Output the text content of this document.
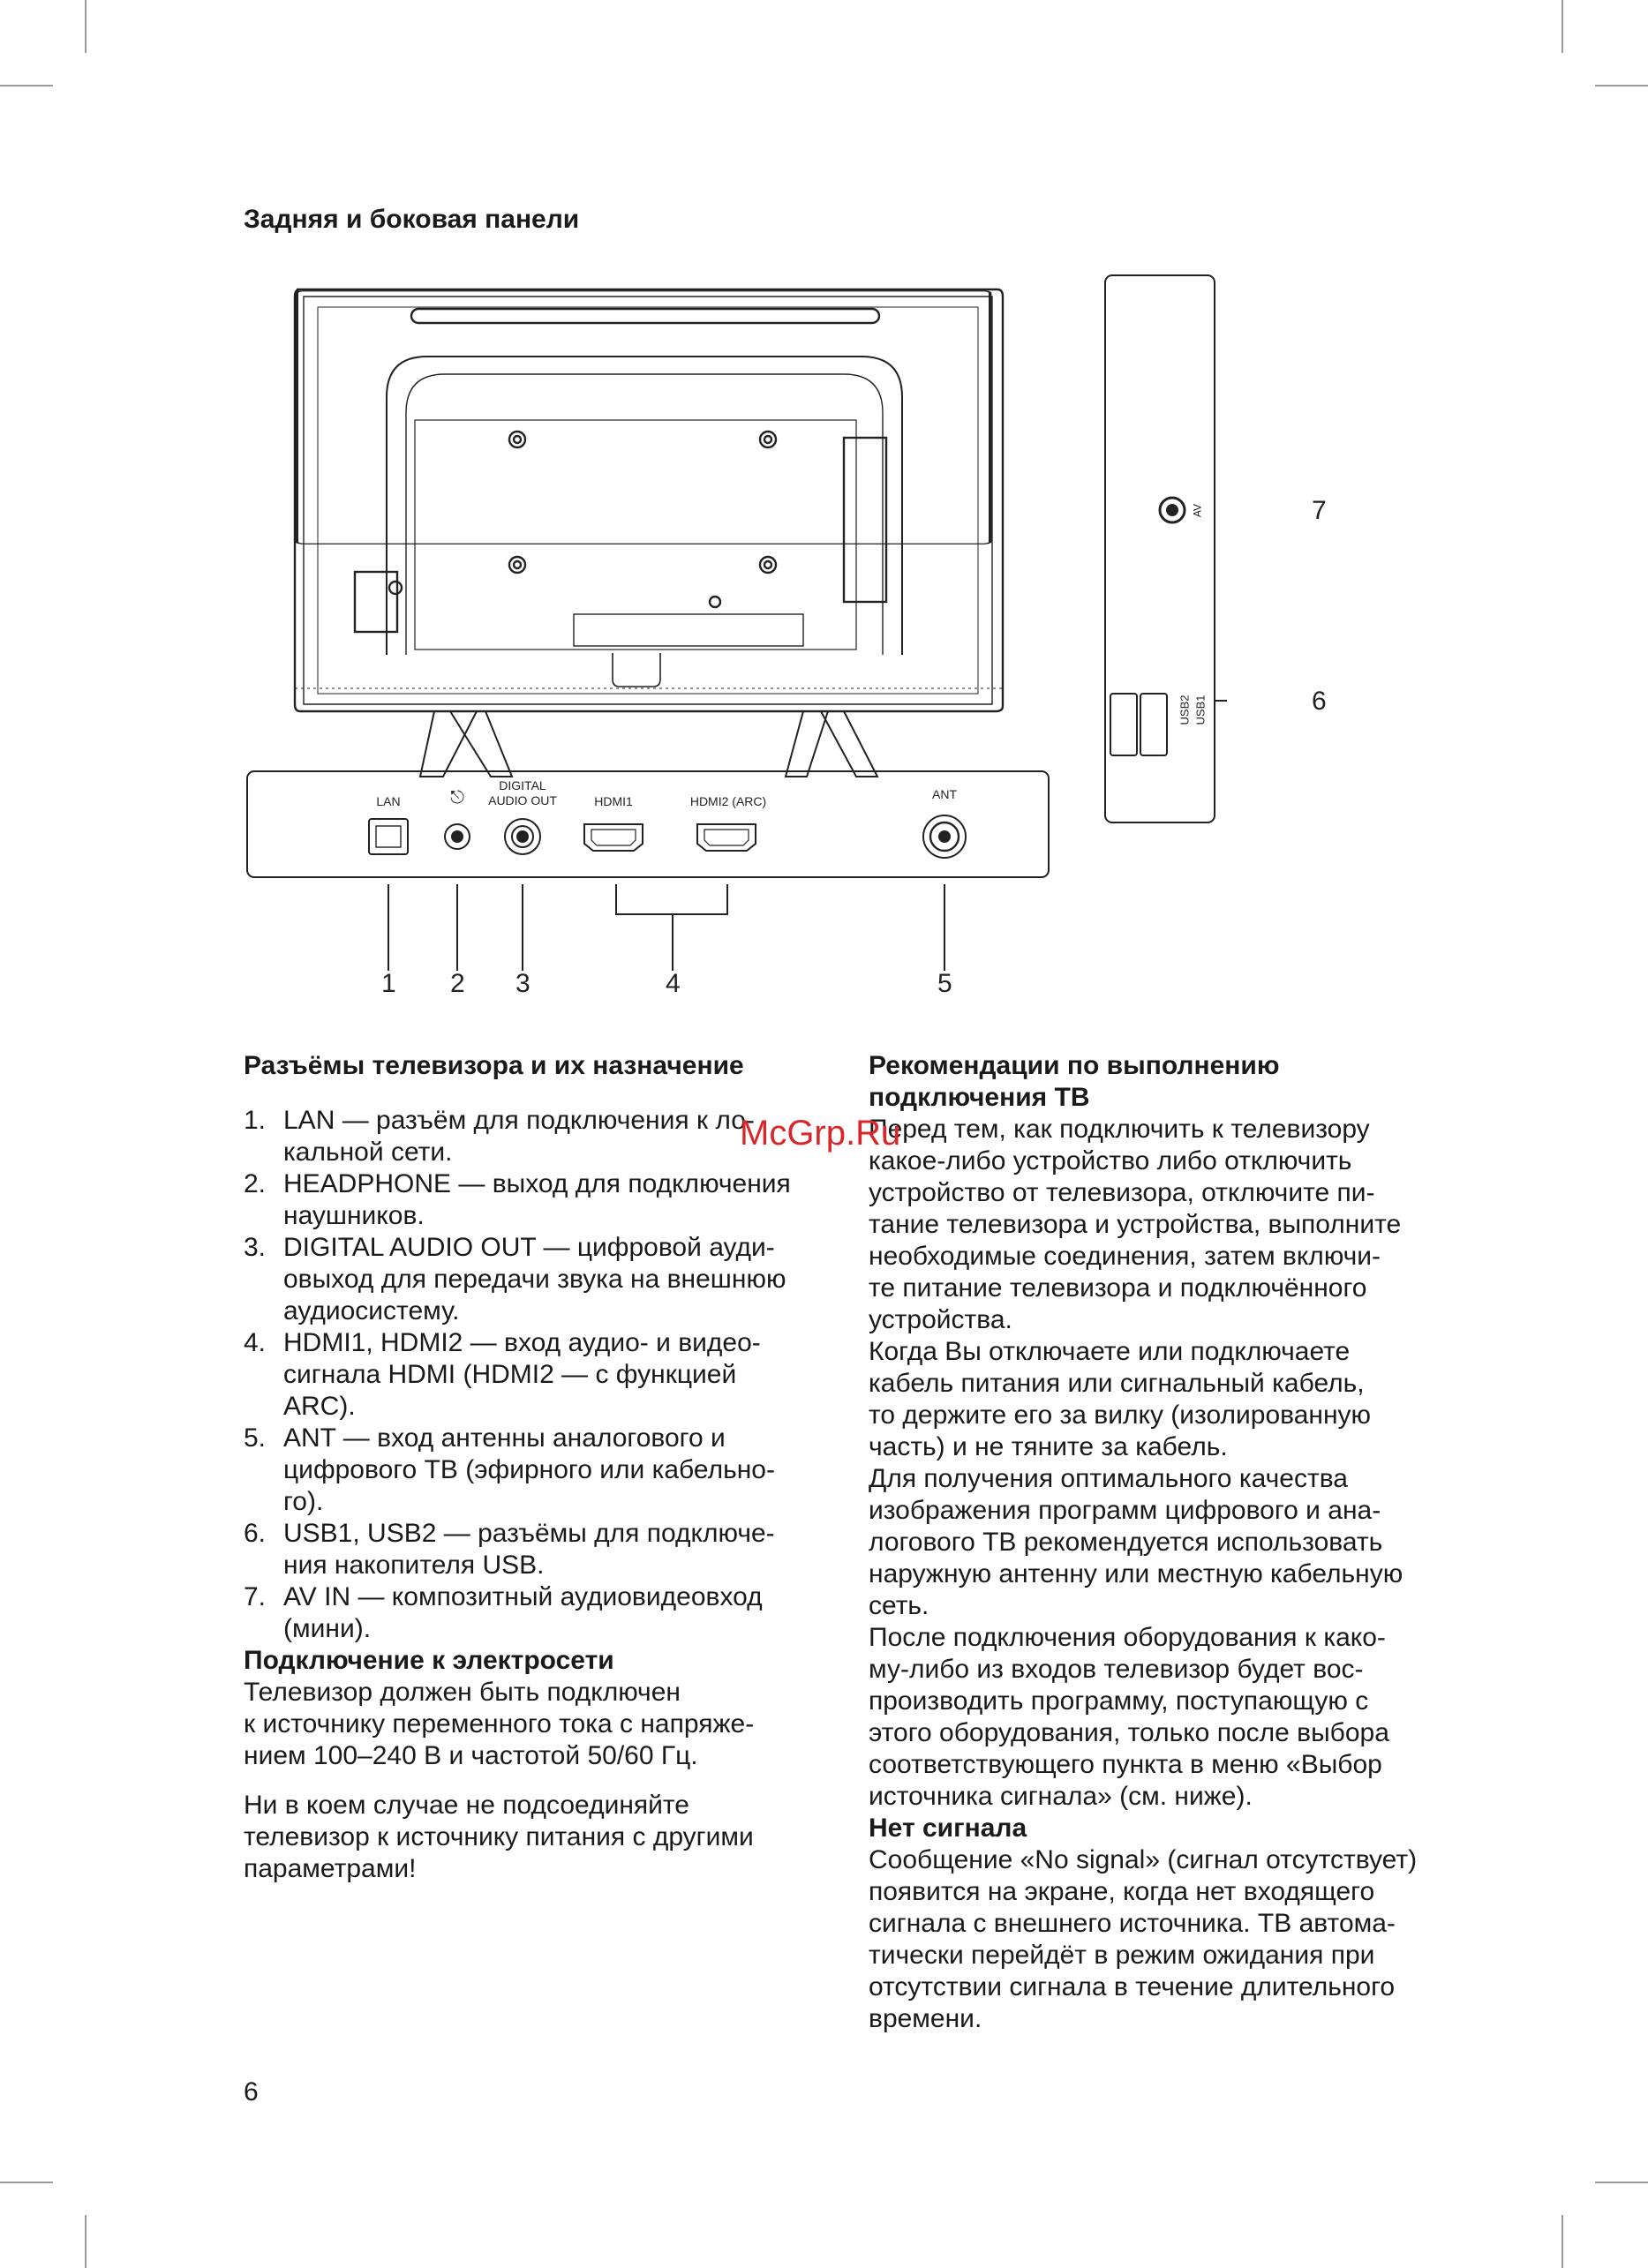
Задняя и боковая панели
LAN	⎋
DIGITAL
AUDIO OUT	HDMI1	HDMI2 (ARC)	ANT
AV
USB2 USB1
1 2 3	4	5
6
7
Разъёмы телевизора и их назначение
1. LAN — разъём для подключения к ло-
кальной сети.
2. HEADPHONE — выход для подключения
наушников.
3. DIGITAL AUDIO OUT — цифровой ауди-
овыход для передачи звука на внешнюю
аудиосистему.
4. HDMI1, HDMI2 — вход аудио- и видео-
сигнала HDMI (HDMI2 — с функцией
ARC).
5. ANT — вход антенны аналогового и
цифрового ТВ (эфирного или кабельно-
го).
6. USB1, USB2 — разъёмы для подключе-
ния накопителя USB.
7. AV IN — композитный аудиовидеовход
(мини).
Подключение к электросети

Телевизор должен быть подключен
к источнику переменного тока с напряже-
нием 100–240 В и частотой 50/60 Гц.

Ни в коем случае не подсоединяйте
телевизор к источнику питания с другими
параметрами!

Рекомендации по выполнению
подключения ТВ

Перед тем, как подключить к телевизору
какое-либо устройство либо отключить
устройство от телевизора, отключите пи-
тание телевизора и устройства, выполните
необходимые соединения, затем включи-
те питание телевизора и подключённого
устройства.

Когда Вы отключаете или подключаете
кабель питания или сигнальный кабель,
то держите его за вилку (изолированную
часть) и не тяните за кабель.

Для получения оптимального качества
изображения программ цифрового и ана-
логового ТВ рекомендуется использовать
наружную антенну или местную кабельную
сеть.

После подключения оборудования к како-
му-либо из входов телевизор будет вос-
производить программу, поступающую с
этого оборудования, только после выбора
соответствующего пункта в меню «Выбор
источника сигнала» (см. ниже).

Нет сигнала

Сообщение «No signal» (сигнал отсутствует)
появится на экране, когда нет входящего
сигнала с внешнего источника. ТВ автома-
тически перейдёт в режим ожидания при
отсутствии сигнала в течение длительного
времени.

McGrp.Ru

6
